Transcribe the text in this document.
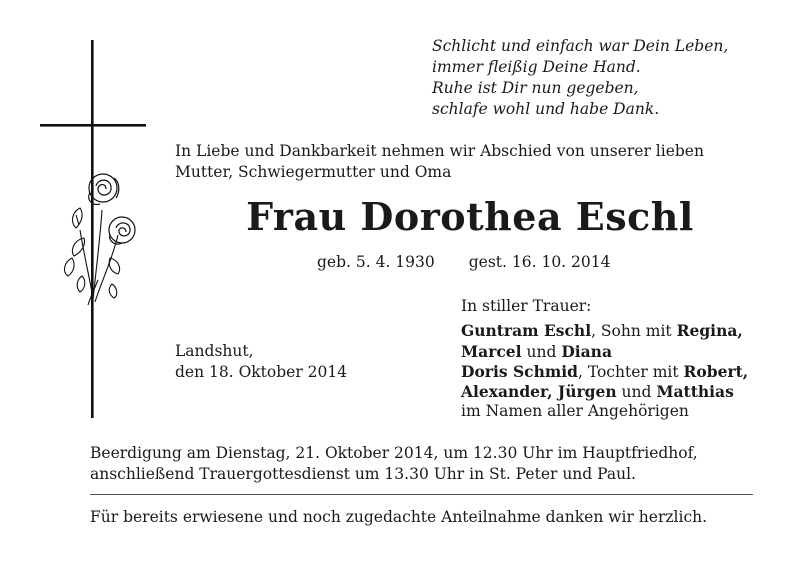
Schlicht und einfach war Dein Leben,
immer fleißig Deine Hand.
Ruhe ist Dir nun gegeben,
schlafe wohl und habe Dank.
In Liebe und Dankbarkeit nehmen wir Abschied von unserer lieben Mutter, Schwiegermutter und Oma
Frau Dorothea Eschl
geb. 5. 4. 1930 gest. 16. 10. 2014
Landshut,
den 18. Oktober 2014
In stiller Trauer:
Guntram Eschl, Sohn mit Regina,
Marcel und Diana
Doris Schmid, Tochter mit Robert,
Alexander, Jürgen und Matthias
im Namen aller Angehörigen
Beerdigung am Dienstag, 21. Oktober 2014, um 12.30 Uhr im Hauptfriedhof, anschließend Trauergottesdienst um 13.30 Uhr in St. Peter und Paul.
Für bereits erwiesene und noch zugedachte Anteilnahme danken wir herzlich.
